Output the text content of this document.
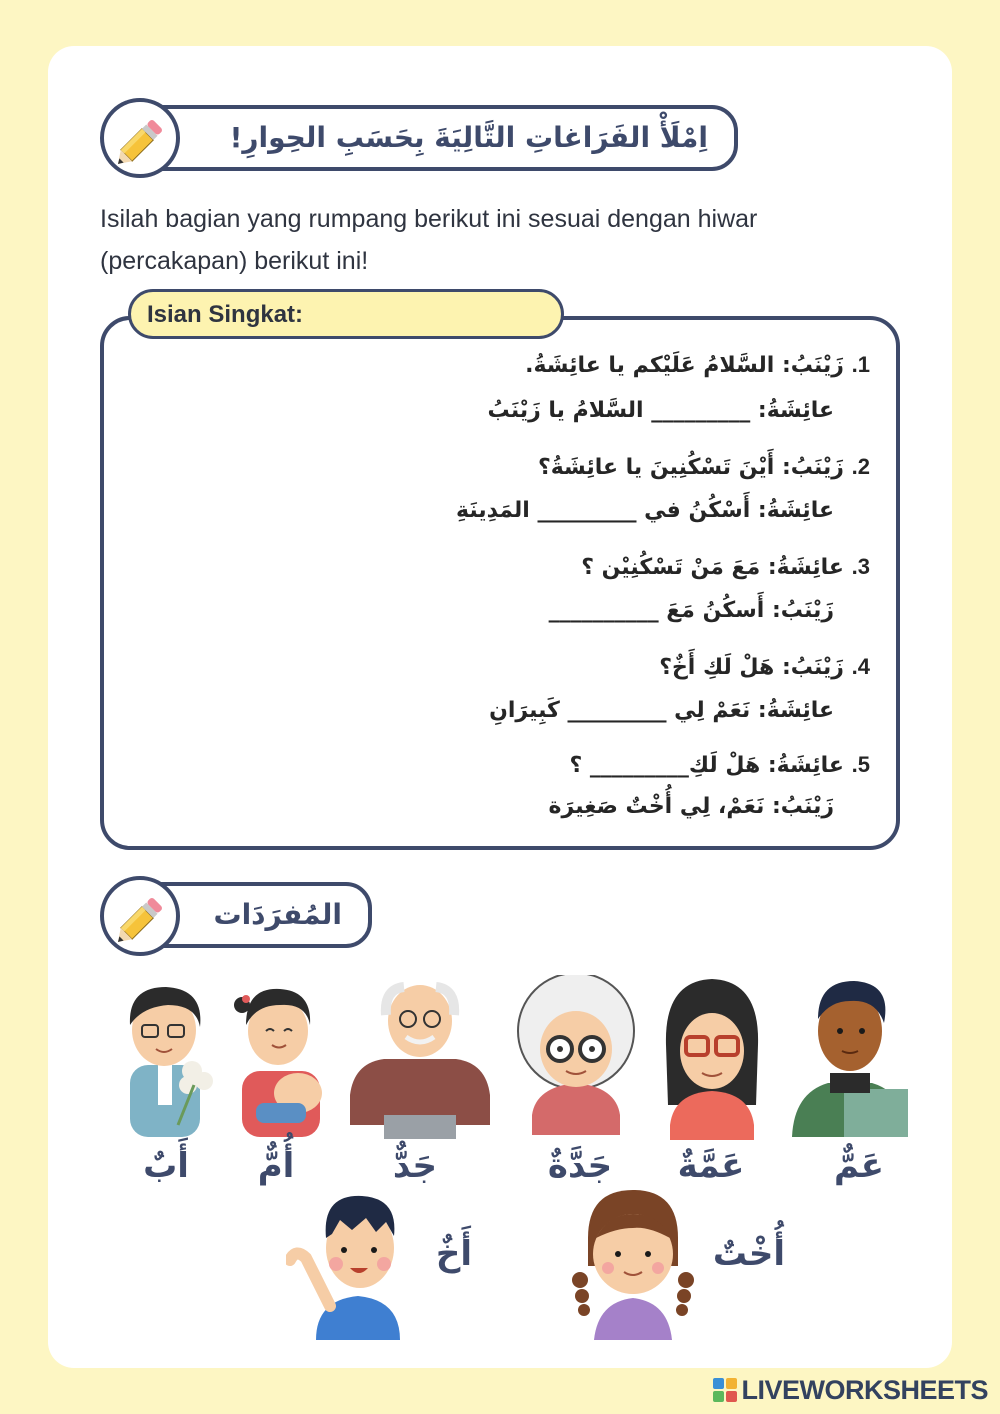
اِمْلَأْ الفَرَاغاتِ التَّالِيَةَ بِحَسَبِ الحِوارِ!
Isilah bagian yang rumpang berikut ini sesuai dengan hiwar (percakapan) berikut ini!
Isian Singkat:
1. زَيْنَبُ: السَّلامُ عَلَيْكم يا عائِشَةُ.
عائِشَةُ: _________ السَّلامُ يا زَيْنَبُ
2. زَيْنَبُ: أَيْنَ تَسْكُنِينَ يا عائِشَةُ؟
عائِشَةُ: أَسْكُنُ في _________ المَدِينَةِ
3. عائِشَةُ: مَعَ مَنْ تَسْكُنِيْن ؟
زَيْنَبُ: أَسكُنُ مَعَ __________
4. زَيْنَبُ: هَلْ لَكِ أَخٌ؟
عائِشَةُ: نَعَمْ لِي _________ كَبِيرَانِ
5. عائِشَةُ: هَلْ لَكِ_________ ؟
زَيْنَبُ: نَعَمْ، لِي أُخْتٌ صَغِيرَة
المُفرَدَات
أَبٌ	أُمٌّ	جَدٌّ	جَدَّةٌ	عَمَّةٌ	عَمٌّ
أَخٌ	أُخْتٌ
LIVEWORKSHEETS
